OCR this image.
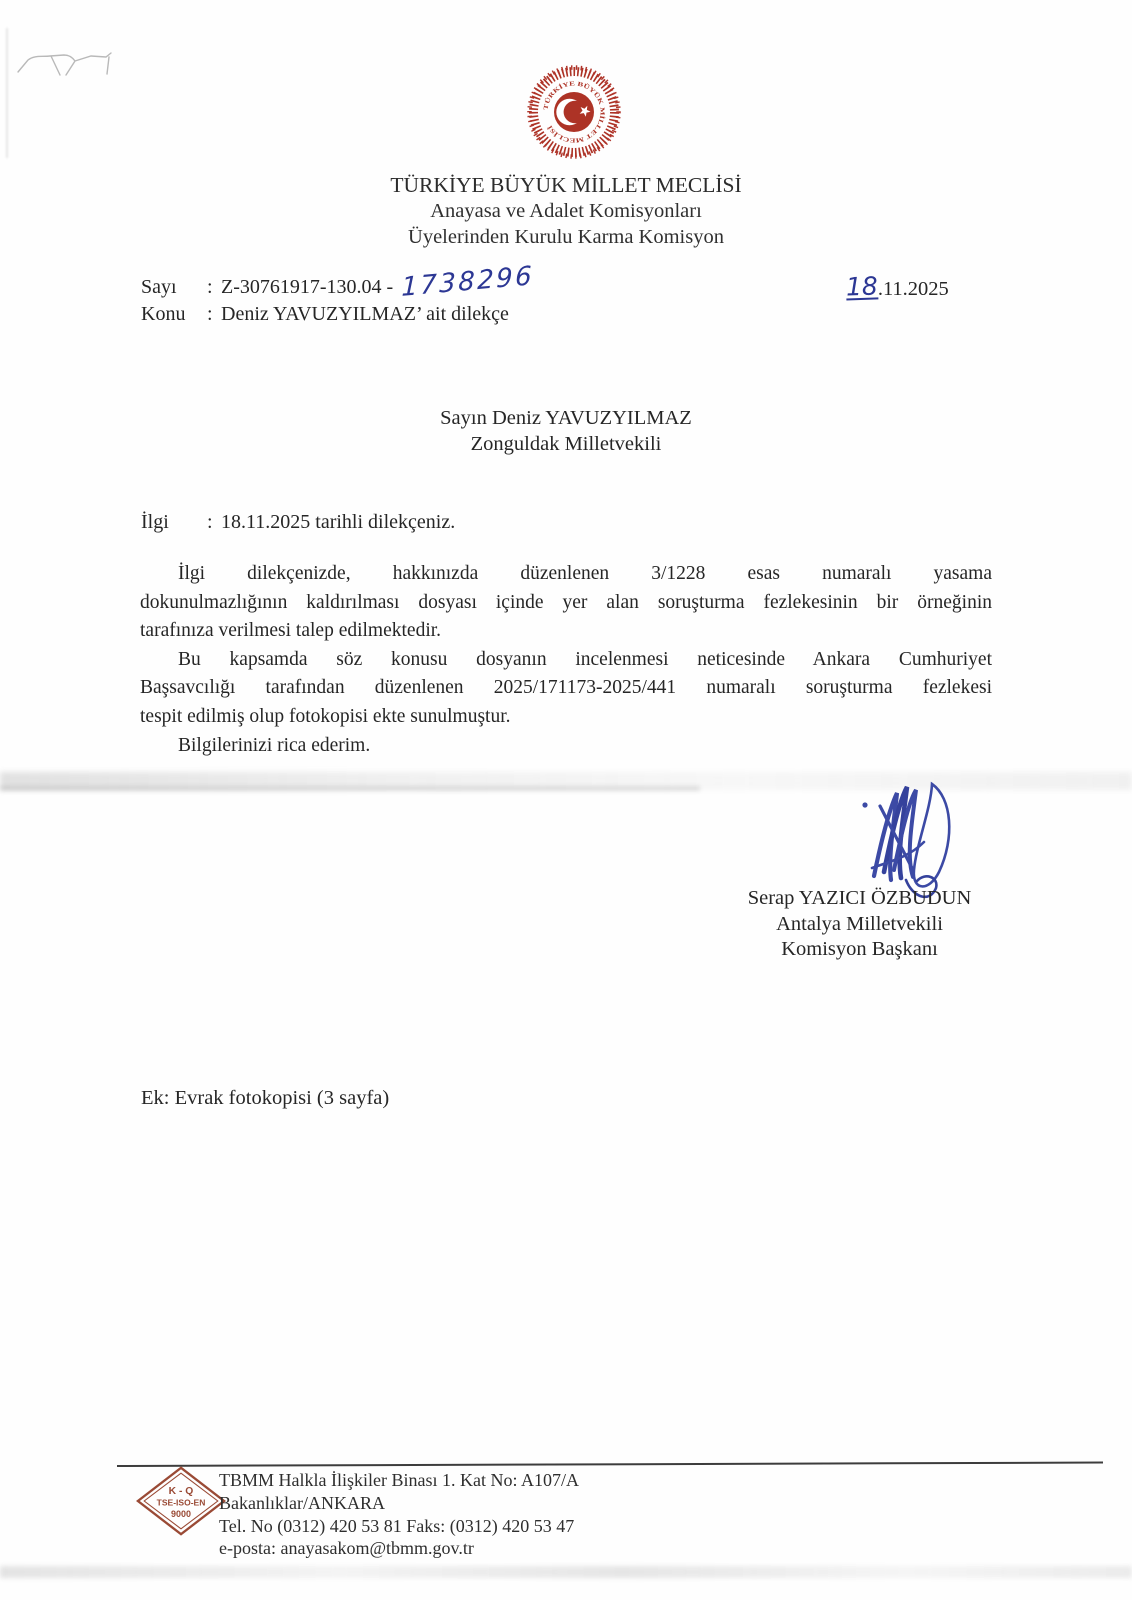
TÜRKİYE BÜYÜK MİLLET MECLİSİ
TÜRKİYE BÜYÜK MİLLET MECLİSİ
Anayasa ve Adalet Komisyonları
Üyelerinden Kurulu Karma Komisyon
Sayı	: Z-30761917-130.04 - 1738296
Konu	: Deniz YAVUZYILMAZ’ ait dilekçe
18.11.2025
Sayın Deniz YAVUZYILMAZ
Zonguldak Milletvekili
İlgi	: 18.11.2025 tarihli dilekçeniz.
İlgi dilekçenizde, hakkınızda düzenlenen 3/1228 esas numaralı yasama
dokunulmazlığının kaldırılması dosyası içinde yer alan soruşturma fezlekesinin bir örneğinin
tarafınıza verilmesi talep edilmektedir.
Bu kapsamda söz konusu dosyanın incelenmesi neticesinde Ankara Cumhuriyet
Başsavcılığı tarafından düzenlenen 2025/171173-2025/441 numaralı soruşturma fezlekesi
tespit edilmiş olup fotokopisi ekte sunulmuştur.
Bilgilerinizi rica ederim.
Serap YAZICI ÖZBUDUN
Antalya Milletvekili
Komisyon Başkanı
Ek: Evrak fotokopisi (3 sayfa)
K - Q
TSE-ISO-EN
9000
TBMM Halkla İlişkiler Binası 1. Kat No: A107/A
Bakanlıklar/ANKARA
Tel. No (0312) 420 53 81 Faks: (0312) 420 53 47
e-posta: anayasakom@tbmm.gov.tr
